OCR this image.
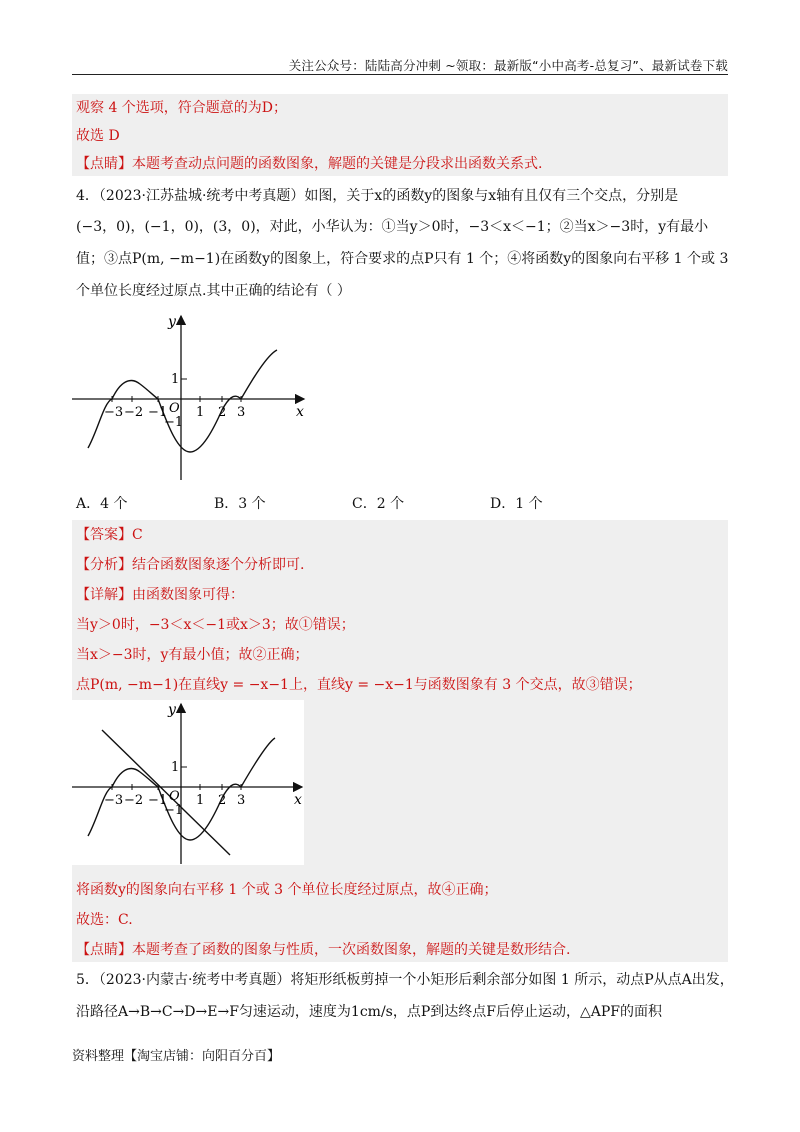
关注公众号：陆陆高分冲刺 ~领取：最新版“小中高考-总复习”、最新试卷下载
观察 4 个选项，符合题意的为D；
故选 D
【点睛】本题考查动点问题的函数图象，解题的关键是分段求出函数关系式.
4．（2023·江苏盐城·统考中考真题）如图，关于x的函数y的图象与x轴有且仅有三个交点，分别是
(−3，0)，(−1，0)，(3，0)，对此，小华认为：①当y＞0时，−3＜x＜−1；②当x＞−3时，y有最小
值；③点P(m, −m−1)在函数y的图象上，符合要求的点P只有 1 个；④将函数y的图象向右平移 1 个或 3
个单位长度经过原点.其中正确的结论有（ ）
y
x
O
1
−1
−3 −2 −1 1 2 3
A．4 个	B．3 个	C．2 个	D．1 个
【答案】C
【分析】结合函数图象逐个分析即可.
【详解】由函数图象可得：
当y＞0时，−3＜x＜−1或x＞3；故①错误；
当x＞−3时，y有最小值；故②正确；
点P(m, −m−1)在直线y = −x−1上，直线y = −x−1与函数图象有 3 个交点，故③错误；
y
x
O
1
−1
−3 −2 −1 1 2 3
将函数y的图象向右平移 1 个或 3 个单位长度经过原点，故④正确；
故选：C.
【点睛】本题考查了函数的图象与性质，一次函数图象，解题的关键是数形结合.
5．（2023·内蒙古·统考中考真题）将矩形纸板剪掉一个小矩形后剩余部分如图 1 所示，动点P从点A出发，
沿路径A→B→C→D→E→F匀速运动，速度为1cm/s，点P到达终点F后停止运动，△APF的面积
资料整理【淘宝店铺：向阳百分百】
